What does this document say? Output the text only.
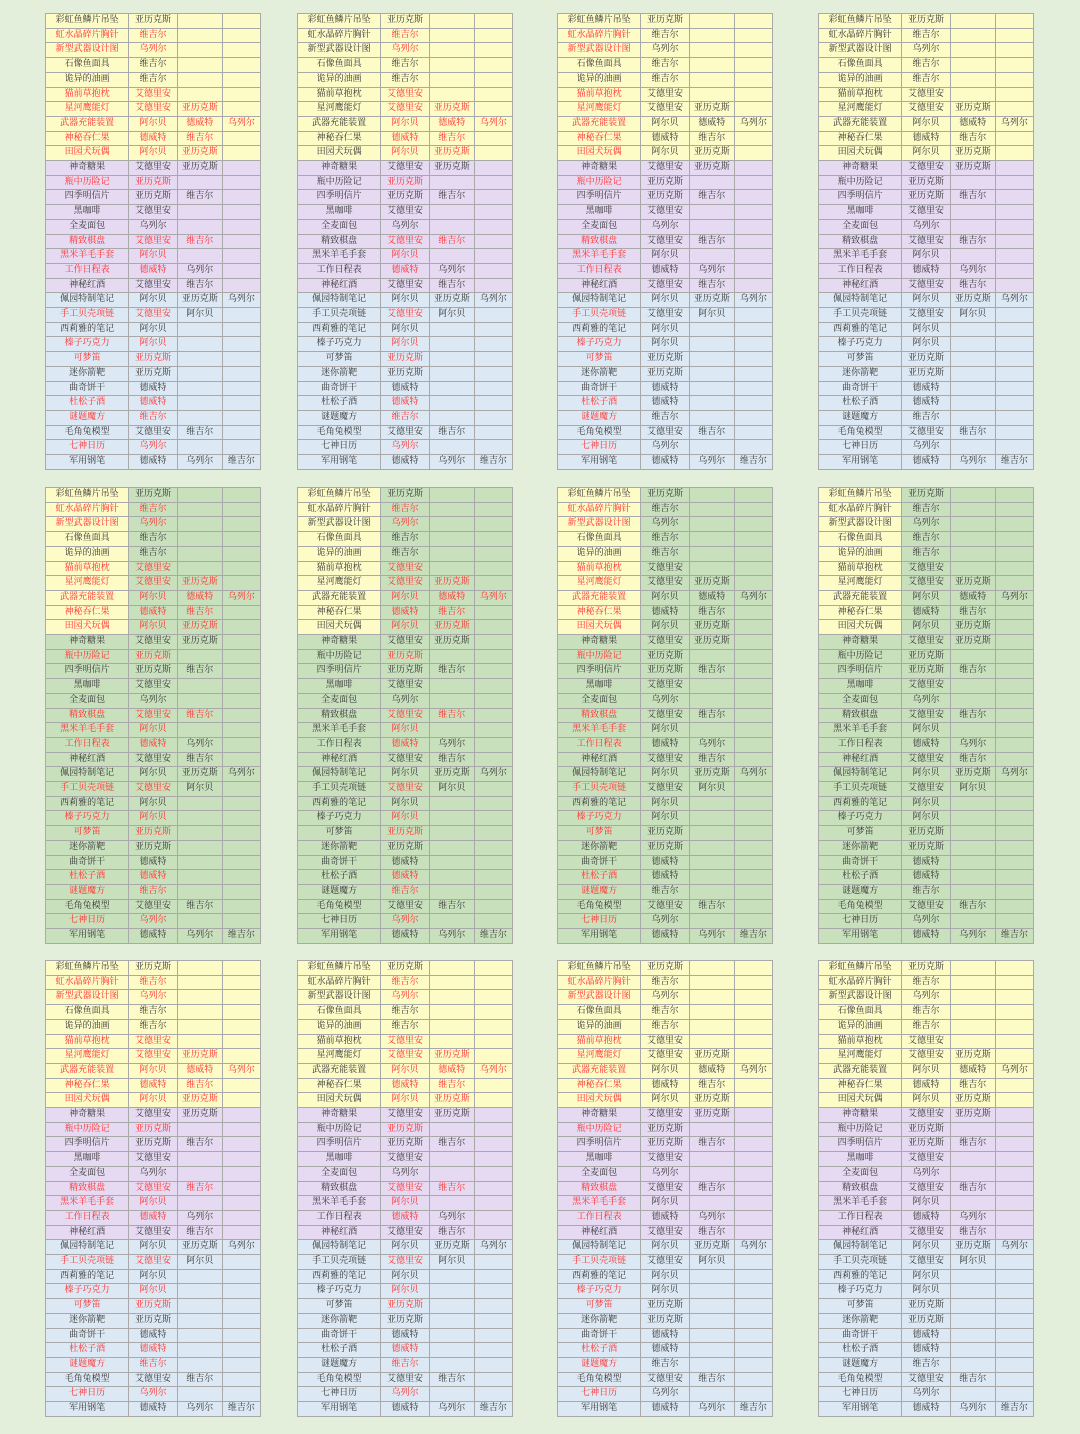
彩虹鱼鳞片吊坠	亚历克斯		
虹水晶碎片胸针	维吉尔		
新型武器设计图	乌列尔		
石像鱼面具	维吉尔		
诡异的油画	维吉尔		
猫前草抱枕	艾德里安		
星河鹰能灯	艾德里安	亚历克斯	
武器充能装置	阿尔贝	德威特	乌列尔
神秘吞仁果	德威特	维吉尔	
田园犬玩偶	阿尔贝	亚历克斯	
神奇糖果	艾德里安	亚历克斯	
瓶中历险记	亚历克斯		
四季明信片	亚历克斯	维吉尔	
黑咖啡	艾德里安		
全麦面包	乌列尔		
精致棋盘	艾德里安	维吉尔	
黑米羊毛手套	阿尔贝		
工作日程表	德威特	乌列尔	
神秘红酒	艾德里安	维吉尔	
佩园特制笔记	阿尔贝	亚历克斯	乌列尔
手工贝壳项链	艾德里安	阿尔贝	
西莉雅的笔记	阿尔贝		
榛子巧克力	阿尔贝		
可梦笛	亚历克斯		
迷你箭靶	亚历克斯		
曲奇饼干	德威特		
杜松子酒	德威特		
谜题魔方	维吉尔		
毛角兔模型	艾德里安	维吉尔	
七神日历	乌列尔		
军用钢笔	德威特	乌列尔	维吉尔
彩虹鱼鳞片吊坠	亚历克斯		
虹水晶碎片胸针	维吉尔		
新型武器设计图	乌列尔		
石像鱼面具	维吉尔		
诡异的油画	维吉尔		
猫前草抱枕	艾德里安		
星河鹰能灯	艾德里安	亚历克斯	
武器充能装置	阿尔贝	德威特	乌列尔
神秘吞仁果	德威特	维吉尔	
田园犬玩偶	阿尔贝	亚历克斯	
神奇糖果	艾德里安	亚历克斯	
瓶中历险记	亚历克斯		
四季明信片	亚历克斯	维吉尔	
黑咖啡	艾德里安		
全麦面包	乌列尔		
精致棋盘	艾德里安	维吉尔	
黑米羊毛手套	阿尔贝		
工作日程表	德威特	乌列尔	
神秘红酒	艾德里安	维吉尔	
佩园特制笔记	阿尔贝	亚历克斯	乌列尔
手工贝壳项链	艾德里安	阿尔贝	
西莉雅的笔记	阿尔贝		
榛子巧克力	阿尔贝		
可梦笛	亚历克斯		
迷你箭靶	亚历克斯		
曲奇饼干	德威特		
杜松子酒	德威特		
谜题魔方	维吉尔		
毛角兔模型	艾德里安	维吉尔	
七神日历	乌列尔		
军用钢笔	德威特	乌列尔	维吉尔
彩虹鱼鳞片吊坠	亚历克斯		
虹水晶碎片胸针	维吉尔		
新型武器设计图	乌列尔		
石像鱼面具	维吉尔		
诡异的油画	维吉尔		
猫前草抱枕	艾德里安		
星河鹰能灯	艾德里安	亚历克斯	
武器充能装置	阿尔贝	德威特	乌列尔
神秘吞仁果	德威特	维吉尔	
田园犬玩偶	阿尔贝	亚历克斯	
神奇糖果	艾德里安	亚历克斯	
瓶中历险记	亚历克斯		
四季明信片	亚历克斯	维吉尔	
黑咖啡	艾德里安		
全麦面包	乌列尔		
精致棋盘	艾德里安	维吉尔	
黑米羊毛手套	阿尔贝		
工作日程表	德威特	乌列尔	
神秘红酒	艾德里安	维吉尔	
佩园特制笔记	阿尔贝	亚历克斯	乌列尔
手工贝壳项链	艾德里安	阿尔贝	
西莉雅的笔记	阿尔贝		
榛子巧克力	阿尔贝		
可梦笛	亚历克斯		
迷你箭靶	亚历克斯		
曲奇饼干	德威特		
杜松子酒	德威特		
谜题魔方	维吉尔		
毛角兔模型	艾德里安	维吉尔	
七神日历	乌列尔		
军用钢笔	德威特	乌列尔	维吉尔
彩虹鱼鳞片吊坠	亚历克斯		
虹水晶碎片胸针	维吉尔		
新型武器设计图	乌列尔		
石像鱼面具	维吉尔		
诡异的油画	维吉尔		
猫前草抱枕	艾德里安		
星河鹰能灯	艾德里安	亚历克斯	
武器充能装置	阿尔贝	德威特	乌列尔
神秘吞仁果	德威特	维吉尔	
田园犬玩偶	阿尔贝	亚历克斯	
神奇糖果	艾德里安	亚历克斯	
瓶中历险记	亚历克斯		
四季明信片	亚历克斯	维吉尔	
黑咖啡	艾德里安		
全麦面包	乌列尔		
精致棋盘	艾德里安	维吉尔	
黑米羊毛手套	阿尔贝		
工作日程表	德威特	乌列尔	
神秘红酒	艾德里安	维吉尔	
佩园特制笔记	阿尔贝	亚历克斯	乌列尔
手工贝壳项链	艾德里安	阿尔贝	
西莉雅的笔记	阿尔贝		
榛子巧克力	阿尔贝		
可梦笛	亚历克斯		
迷你箭靶	亚历克斯		
曲奇饼干	德威特		
杜松子酒	德威特		
谜题魔方	维吉尔		
毛角兔模型	艾德里安	维吉尔	
七神日历	乌列尔		
军用钢笔	德威特	乌列尔	维吉尔
彩虹鱼鳞片吊坠	亚历克斯		
虹水晶碎片胸针	维吉尔		
新型武器设计图	乌列尔		
石像鱼面具	维吉尔		
诡异的油画	维吉尔		
猫前草抱枕	艾德里安		
星河鹰能灯	艾德里安	亚历克斯	
武器充能装置	阿尔贝	德威特	乌列尔
神秘吞仁果	德威特	维吉尔	
田园犬玩偶	阿尔贝	亚历克斯	
神奇糖果	艾德里安	亚历克斯	
瓶中历险记	亚历克斯		
四季明信片	亚历克斯	维吉尔	
黑咖啡	艾德里安		
全麦面包	乌列尔		
精致棋盘	艾德里安	维吉尔	
黑米羊毛手套	阿尔贝		
工作日程表	德威特	乌列尔	
神秘红酒	艾德里安	维吉尔	
佩园特制笔记	阿尔贝	亚历克斯	乌列尔
手工贝壳项链	艾德里安	阿尔贝	
西莉雅的笔记	阿尔贝		
榛子巧克力	阿尔贝		
可梦笛	亚历克斯		
迷你箭靶	亚历克斯		
曲奇饼干	德威特		
杜松子酒	德威特		
谜题魔方	维吉尔		
毛角兔模型	艾德里安	维吉尔	
七神日历	乌列尔		
军用钢笔	德威特	乌列尔	维吉尔
彩虹鱼鳞片吊坠	亚历克斯		
虹水晶碎片胸针	维吉尔		
新型武器设计图	乌列尔		
石像鱼面具	维吉尔		
诡异的油画	维吉尔		
猫前草抱枕	艾德里安		
星河鹰能灯	艾德里安	亚历克斯	
武器充能装置	阿尔贝	德威特	乌列尔
神秘吞仁果	德威特	维吉尔	
田园犬玩偶	阿尔贝	亚历克斯	
神奇糖果	艾德里安	亚历克斯	
瓶中历险记	亚历克斯		
四季明信片	亚历克斯	维吉尔	
黑咖啡	艾德里安		
全麦面包	乌列尔		
精致棋盘	艾德里安	维吉尔	
黑米羊毛手套	阿尔贝		
工作日程表	德威特	乌列尔	
神秘红酒	艾德里安	维吉尔	
佩园特制笔记	阿尔贝	亚历克斯	乌列尔
手工贝壳项链	艾德里安	阿尔贝	
西莉雅的笔记	阿尔贝		
榛子巧克力	阿尔贝		
可梦笛	亚历克斯		
迷你箭靶	亚历克斯		
曲奇饼干	德威特		
杜松子酒	德威特		
谜题魔方	维吉尔		
毛角兔模型	艾德里安	维吉尔	
七神日历	乌列尔		
军用钢笔	德威特	乌列尔	维吉尔
彩虹鱼鳞片吊坠	亚历克斯		
虹水晶碎片胸针	维吉尔		
新型武器设计图	乌列尔		
石像鱼面具	维吉尔		
诡异的油画	维吉尔		
猫前草抱枕	艾德里安		
星河鹰能灯	艾德里安	亚历克斯	
武器充能装置	阿尔贝	德威特	乌列尔
神秘吞仁果	德威特	维吉尔	
田园犬玩偶	阿尔贝	亚历克斯	
神奇糖果	艾德里安	亚历克斯	
瓶中历险记	亚历克斯		
四季明信片	亚历克斯	维吉尔	
黑咖啡	艾德里安		
全麦面包	乌列尔		
精致棋盘	艾德里安	维吉尔	
黑米羊毛手套	阿尔贝		
工作日程表	德威特	乌列尔	
神秘红酒	艾德里安	维吉尔	
佩园特制笔记	阿尔贝	亚历克斯	乌列尔
手工贝壳项链	艾德里安	阿尔贝	
西莉雅的笔记	阿尔贝		
榛子巧克力	阿尔贝		
可梦笛	亚历克斯		
迷你箭靶	亚历克斯		
曲奇饼干	德威特		
杜松子酒	德威特		
谜题魔方	维吉尔		
毛角兔模型	艾德里安	维吉尔	
七神日历	乌列尔		
军用钢笔	德威特	乌列尔	维吉尔
彩虹鱼鳞片吊坠	亚历克斯		
虹水晶碎片胸针	维吉尔		
新型武器设计图	乌列尔		
石像鱼面具	维吉尔		
诡异的油画	维吉尔		
猫前草抱枕	艾德里安		
星河鹰能灯	艾德里安	亚历克斯	
武器充能装置	阿尔贝	德威特	乌列尔
神秘吞仁果	德威特	维吉尔	
田园犬玩偶	阿尔贝	亚历克斯	
神奇糖果	艾德里安	亚历克斯	
瓶中历险记	亚历克斯		
四季明信片	亚历克斯	维吉尔	
黑咖啡	艾德里安		
全麦面包	乌列尔		
精致棋盘	艾德里安	维吉尔	
黑米羊毛手套	阿尔贝		
工作日程表	德威特	乌列尔	
神秘红酒	艾德里安	维吉尔	
佩园特制笔记	阿尔贝	亚历克斯	乌列尔
手工贝壳项链	艾德里安	阿尔贝	
西莉雅的笔记	阿尔贝		
榛子巧克力	阿尔贝		
可梦笛	亚历克斯		
迷你箭靶	亚历克斯		
曲奇饼干	德威特		
杜松子酒	德威特		
谜题魔方	维吉尔		
毛角兔模型	艾德里安	维吉尔	
七神日历	乌列尔		
军用钢笔	德威特	乌列尔	维吉尔
彩虹鱼鳞片吊坠	亚历克斯		
虹水晶碎片胸针	维吉尔		
新型武器设计图	乌列尔		
石像鱼面具	维吉尔		
诡异的油画	维吉尔		
猫前草抱枕	艾德里安		
星河鹰能灯	艾德里安	亚历克斯	
武器充能装置	阿尔贝	德威特	乌列尔
神秘吞仁果	德威特	维吉尔	
田园犬玩偶	阿尔贝	亚历克斯	
神奇糖果	艾德里安	亚历克斯	
瓶中历险记	亚历克斯		
四季明信片	亚历克斯	维吉尔	
黑咖啡	艾德里安		
全麦面包	乌列尔		
精致棋盘	艾德里安	维吉尔	
黑米羊毛手套	阿尔贝		
工作日程表	德威特	乌列尔	
神秘红酒	艾德里安	维吉尔	
佩园特制笔记	阿尔贝	亚历克斯	乌列尔
手工贝壳项链	艾德里安	阿尔贝	
西莉雅的笔记	阿尔贝		
榛子巧克力	阿尔贝		
可梦笛	亚历克斯		
迷你箭靶	亚历克斯		
曲奇饼干	德威特		
杜松子酒	德威特		
谜题魔方	维吉尔		
毛角兔模型	艾德里安	维吉尔	
七神日历	乌列尔		
军用钢笔	德威特	乌列尔	维吉尔
彩虹鱼鳞片吊坠	亚历克斯		
虹水晶碎片胸针	维吉尔		
新型武器设计图	乌列尔		
石像鱼面具	维吉尔		
诡异的油画	维吉尔		
猫前草抱枕	艾德里安		
星河鹰能灯	艾德里安	亚历克斯	
武器充能装置	阿尔贝	德威特	乌列尔
神秘吞仁果	德威特	维吉尔	
田园犬玩偶	阿尔贝	亚历克斯	
神奇糖果	艾德里安	亚历克斯	
瓶中历险记	亚历克斯		
四季明信片	亚历克斯	维吉尔	
黑咖啡	艾德里安		
全麦面包	乌列尔		
精致棋盘	艾德里安	维吉尔	
黑米羊毛手套	阿尔贝		
工作日程表	德威特	乌列尔	
神秘红酒	艾德里安	维吉尔	
佩园特制笔记	阿尔贝	亚历克斯	乌列尔
手工贝壳项链	艾德里安	阿尔贝	
西莉雅的笔记	阿尔贝		
榛子巧克力	阿尔贝		
可梦笛	亚历克斯		
迷你箭靶	亚历克斯		
曲奇饼干	德威特		
杜松子酒	德威特		
谜题魔方	维吉尔		
毛角兔模型	艾德里安	维吉尔	
七神日历	乌列尔		
军用钢笔	德威特	乌列尔	维吉尔
彩虹鱼鳞片吊坠	亚历克斯		
虹水晶碎片胸针	维吉尔		
新型武器设计图	乌列尔		
石像鱼面具	维吉尔		
诡异的油画	维吉尔		
猫前草抱枕	艾德里安		
星河鹰能灯	艾德里安	亚历克斯	
武器充能装置	阿尔贝	德威特	乌列尔
神秘吞仁果	德威特	维吉尔	
田园犬玩偶	阿尔贝	亚历克斯	
神奇糖果	艾德里安	亚历克斯	
瓶中历险记	亚历克斯		
四季明信片	亚历克斯	维吉尔	
黑咖啡	艾德里安		
全麦面包	乌列尔		
精致棋盘	艾德里安	维吉尔	
黑米羊毛手套	阿尔贝		
工作日程表	德威特	乌列尔	
神秘红酒	艾德里安	维吉尔	
佩园特制笔记	阿尔贝	亚历克斯	乌列尔
手工贝壳项链	艾德里安	阿尔贝	
西莉雅的笔记	阿尔贝		
榛子巧克力	阿尔贝		
可梦笛	亚历克斯		
迷你箭靶	亚历克斯		
曲奇饼干	德威特		
杜松子酒	德威特		
谜题魔方	维吉尔		
毛角兔模型	艾德里安	维吉尔	
七神日历	乌列尔		
军用钢笔	德威特	乌列尔	维吉尔
彩虹鱼鳞片吊坠	亚历克斯		
虹水晶碎片胸针	维吉尔		
新型武器设计图	乌列尔		
石像鱼面具	维吉尔		
诡异的油画	维吉尔		
猫前草抱枕	艾德里安		
星河鹰能灯	艾德里安	亚历克斯	
武器充能装置	阿尔贝	德威特	乌列尔
神秘吞仁果	德威特	维吉尔	
田园犬玩偶	阿尔贝	亚历克斯	
神奇糖果	艾德里安	亚历克斯	
瓶中历险记	亚历克斯		
四季明信片	亚历克斯	维吉尔	
黑咖啡	艾德里安		
全麦面包	乌列尔		
精致棋盘	艾德里安	维吉尔	
黑米羊毛手套	阿尔贝		
工作日程表	德威特	乌列尔	
神秘红酒	艾德里安	维吉尔	
佩园特制笔记	阿尔贝	亚历克斯	乌列尔
手工贝壳项链	艾德里安	阿尔贝	
西莉雅的笔记	阿尔贝		
榛子巧克力	阿尔贝		
可梦笛	亚历克斯		
迷你箭靶	亚历克斯		
曲奇饼干	德威特		
杜松子酒	德威特		
谜题魔方	维吉尔		
毛角兔模型	艾德里安	维吉尔	
七神日历	乌列尔		
军用钢笔	德威特	乌列尔	维吉尔
